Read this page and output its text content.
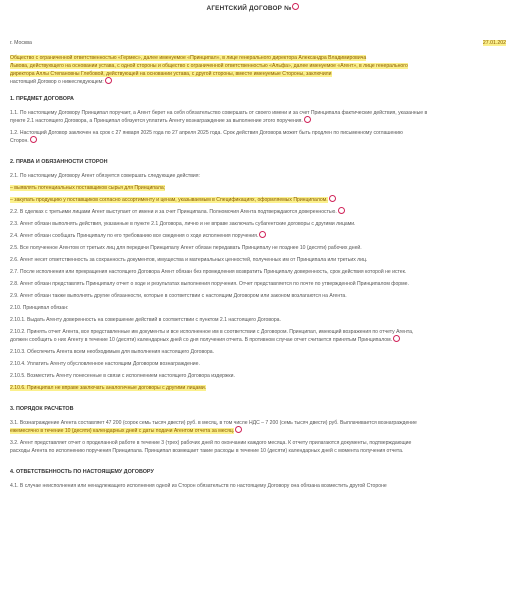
АГЕНТСКИЙ ДОГОВОР №
г. Москва	27.01.202
Общество с ограниченной ответственностью «Гермес», далее именуемое «Принципал», в лице генерального директора Александра Владимировича
Львова, действующего на основании устава, с одной стороны и общество с ограниченной ответственностью «Альфа», далее именуемое «Агент», в лице генерального
директора Аллы Степановны Глебовой, действующей на основании устава, с другой стороны, вместе именуемые Стороны, заключили
настоящий Договор о нижеследующем:
1. ПРЕДМЕТ ДОГОВОРА
1.1. По настоящему Договору Принципал поручает, а Агент берет на себя обязательство совершать от своего имени и за счет Принципала фактические действия, указанные в
пункте 2.1 настоящего Договора, а Принципал обязуется уплатить Агенту вознаграждение за выполнение этого поручения.
1.2. Настоящий Договор заключен на срок с 27 января 2025 года по 27 апреля 2025 года. Срок действия Договора может быть продлен по письменному соглашению
Сторон.
2. ПРАВА И ОБЯЗАННОСТИ СТОРОН
2.1. По настоящему Договору Агент обязуется совершать следующие действия:
– выявлять потенциальных поставщиков сырья для Принципала;
– закупать продукцию у поставщиков согласно ассортименту и ценам, указываемым в Спецификациях, оформляемых Принципалом.
2.2. В сделках с третьими лицами Агент выступает от имени и за счет Принципала. Полномочия Агента подтверждаются доверенностью.
2.3. Агент обязан выполнять действия, указанные в пункте 2.1 Договора, лично и не вправе заключать субагентские договоры с другими лицами.
2.4. Агент обязан сообщать Принципалу по его требованию все сведения о ходе исполнения поручения.
2.5. Все полученное Агентом от третьих лиц для передачи Принципалу Агент обязан передавать Принципалу не позднее 10 (десяти) рабочих дней.
2.6. Агент несет ответственность за сохранность документов, имущества и материальных ценностей, полученных им от Принципала или третьих лиц.
2.7. После исполнения или прекращения настоящего Договора Агент обязан без промедления возвратить Принципалу доверенность, срок действия которой не истек.
2.8. Агент обязан представлять Принципалу отчет о ходе и результатах выполнения поручения. Отчет представляется по почте по утвержденной Принципалом форме.
2.9. Агент обязан также выполнять другие обязанности, которые в соответствии с настоящим Договором или законом возлагаются на Агента.
2.10. Принципал обязан:
2.10.1. Выдать Агенту доверенность на совершение действий в соответствии с пунктом 2.1 настоящего Договора.
2.10.2. Принять отчет Агента, все представленные им документы и все исполненное им в соответствии с Договором. Принципал, имеющий возражения по отчету Агента,
должен сообщить о них Агенту в течение 10 (десяти) календарных дней со дня получения отчета. В противном случае отчет считается принятым Принципалом.
2.10.3. Обеспечить Агента всем необходимым для выполнения настоящего Договора.
2.10.4. Уплатить Агенту обусловленное настоящим Договором вознаграждение.
2.10.5. Возместить Агенту понесенные в связи с исполнением настоящего Договора издержки.
2.10.6. Принципал не вправе заключать аналогичные договоры с другими лицами.
3. ПОРЯДОК РАСЧЕТОВ
3.1. Вознаграждение Агента составляет 47 200 (сорок семь тысяч двести) руб. в месяц, в том числе НДС – 7 200 (семь тысяч двести) руб. Выплачивается вознаграждение
ежемесячно в течение 10 (десяти) календарных дней с даты подачи Агентом отчета за месяц.
3.2. Агент представляет отчет о проделанной работе в течение 3 (трех) рабочих дней по окончании каждого месяца. К отчету прилагаются документы, подтверждающие
расходы Агента по исполнению поручения Принципала. Принципал возмещает такие расходы в течение 10 (десяти) календарных дней с момента получения отчета.
4. ОТВЕТСТВЕННОСТЬ ПО НАСТОЯЩЕМУ ДОГОВОРУ
4.1. В случае неисполнения или ненадлежащего исполнения одной из Сторон обязательств по настоящему Договору она обязана возместить другой Стороне
